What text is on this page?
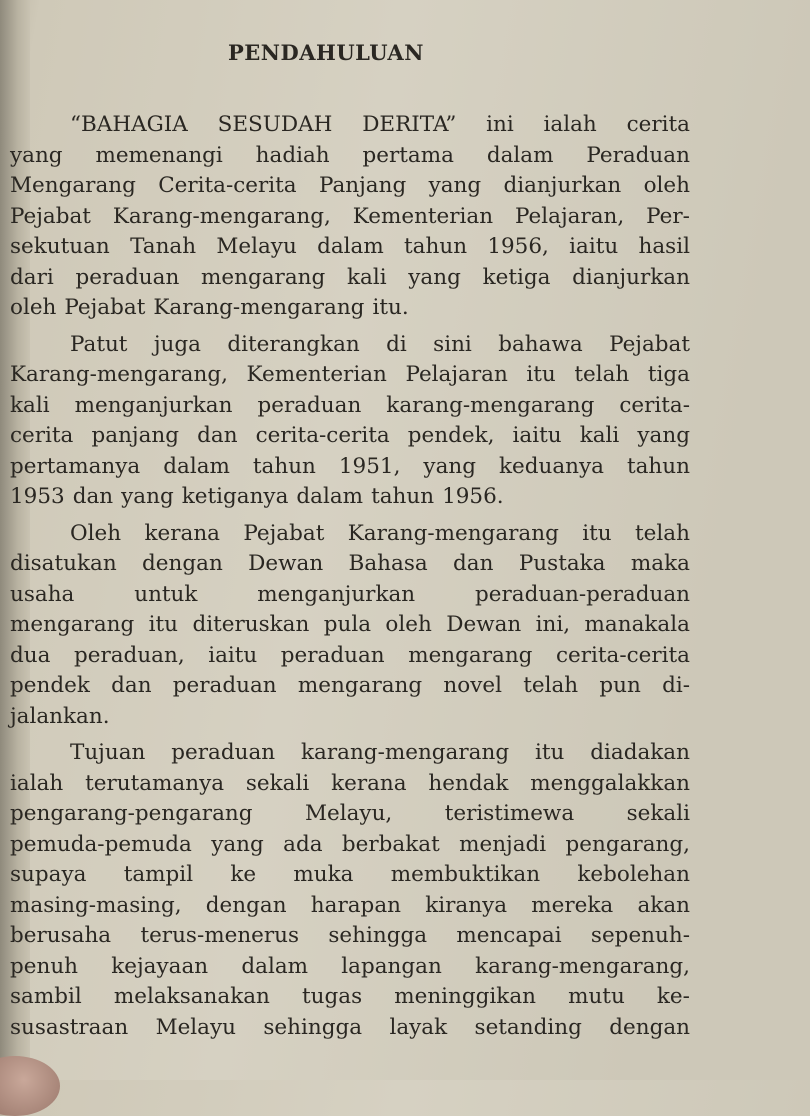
PENDAHULUAN
“BAHAGIA SESUDAH DERITA” ini ialah cerita
yang memenangi hadiah pertama dalam Peraduan
Mengarang Cerita-cerita Panjang yang dianjurkan oleh
Pejabat Karang-mengarang, Kementerian Pelajaran, Per-
sekutuan Tanah Melayu dalam tahun 1956, iaitu hasil
dari peraduan mengarang kali yang ketiga dianjurkan
oleh Pejabat Karang-mengarang itu.
Patut juga diterangkan di sini bahawa Pejabat
Karang-mengarang, Kementerian Pelajaran itu telah tiga
kali menganjurkan peraduan karang-mengarang cerita-
cerita panjang dan cerita-cerita pendek, iaitu kali yang
pertamanya dalam tahun 1951, yang keduanya tahun
1953 dan yang ketiganya dalam tahun 1956.
Oleh kerana Pejabat Karang-mengarang itu telah
disatukan dengan Dewan Bahasa dan Pustaka maka
usaha	untuk	menganjurkan	peraduan-peraduan
mengarang itu diteruskan pula oleh Dewan ini, manakala
dua peraduan, iaitu peraduan mengarang cerita-cerita
pendek dan peraduan mengarang novel telah pun di-
jalankan.
Tujuan peraduan karang-mengarang itu diadakan
ialah terutamanya sekali kerana hendak menggalakkan
pengarang-pengarang Melayu, teristimewa sekali
pemuda-pemuda yang ada berbakat menjadi pengarang,
supaya tampil ke muka membuktikan kebolehan
masing-masing, dengan harapan kiranya mereka akan
berusaha terus-menerus sehingga mencapai sepenuh-
penuh kejayaan dalam lapangan karang-mengarang,
sambil melaksanakan tugas meninggikan mutu ke-
susastraan Melayu sehingga layak setanding dengan
